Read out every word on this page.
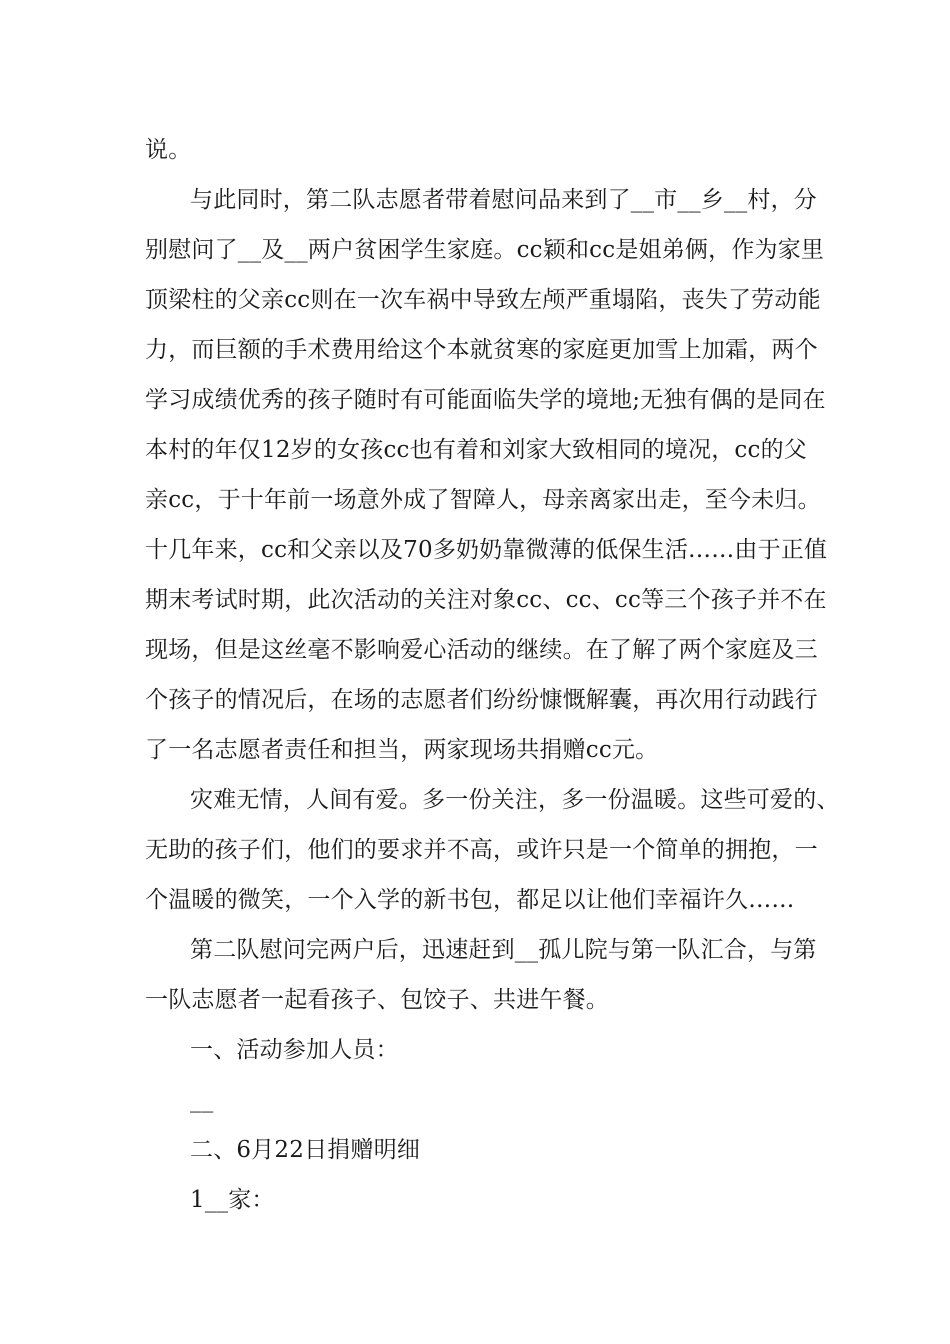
说。
与此同时，第二队志愿者带着慰问品来到了__市__乡__村，分
别慰问了__及__两户贫困学生家庭。cc颖和cc是姐弟俩，作为家里
顶梁柱的父亲cc则在一次车祸中导致左颅严重塌陷，丧失了劳动能
力，而巨额的手术费用给这个本就贫寒的家庭更加雪上加霜，两个
学习成绩优秀的孩子随时有可能面临失学的境地;无独有偶的是同在
本村的年仅12岁的女孩cc也有着和刘家大致相同的境况，cc的父
亲cc，于十年前一场意外成了智障人，母亲离家出走，至今未归。
十几年来，cc和父亲以及70多奶奶靠微薄的低保生活……由于正值
期末考试时期，此次活动的关注对象cc、cc、cc等三个孩子并不在
现场，但是这丝毫不影响爱心活动的继续。在了解了两个家庭及三
个孩子的情况后，在场的志愿者们纷纷慷慨解囊，再次用行动践行
了一名志愿者责任和担当，两家现场共捐赠cc元。
灾难无情，人间有爱。多一份关注，多一份温暖。这些可爱的、
无助的孩子们，他们的要求并不高，或许只是一个简单的拥抱，一
个温暖的微笑，一个入学的新书包，都足以让他们幸福许久……
第二队慰问完两户后，迅速赶到__孤儿院与第一队汇合，与第
一队志愿者一起看孩子、包饺子、共进午餐。
一、活动参加人员：
__
二、6月22日捐赠明细
1__家：
